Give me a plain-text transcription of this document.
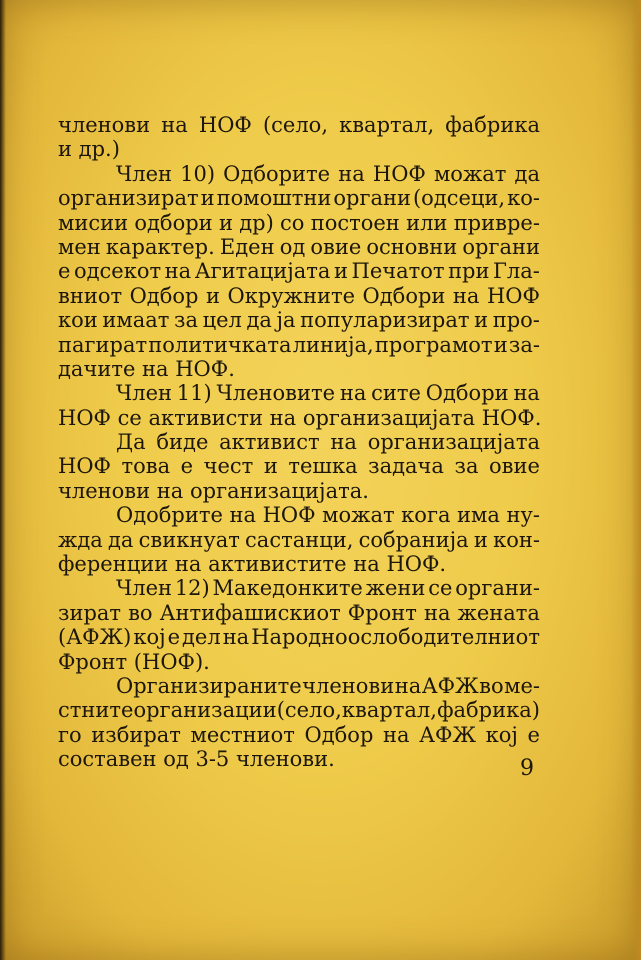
членови на НОФ (село, квартал, фабрика
и др.)
Член 10) Одборите на НОФ можат да
организират и помоштни органи (одсеци, ко-
мисии одбори и др) со постоен или привре-
мен карактер. Еден од овие основни органи
е одсекот на Агитацијата и Печатот при Гла-
вниот Одбор и Окружните Одбори на НОФ
кои имаат за цел да ја популаризират и про-
пагират политичката линија, програмот и за-
дачите на НОФ.
Член 11) Членовите на сите Одбори на
НОФ се активисти на организацијата НОФ.
Да биде активист на организацијата
НОФ това е чест и тешка задача за овие
членови на организацијата.
Одобрите на НОФ можат кога има ну-
жда да свикнуат састанци, собранија и кон-
ференции на активистите на НОФ.
Член 12) Македонките жени се органи-
зират во Антифашискиот Фронт на жената
(АФЖ) кој е дел на Народноослободителниот
Фронт (НОФ).
Организираните членови на АФЖ во ме-
стните организации (село, квартал, фабрика)
го избират местниот Одбор на АФЖ кој е
составен од 3-5 членови.	9
